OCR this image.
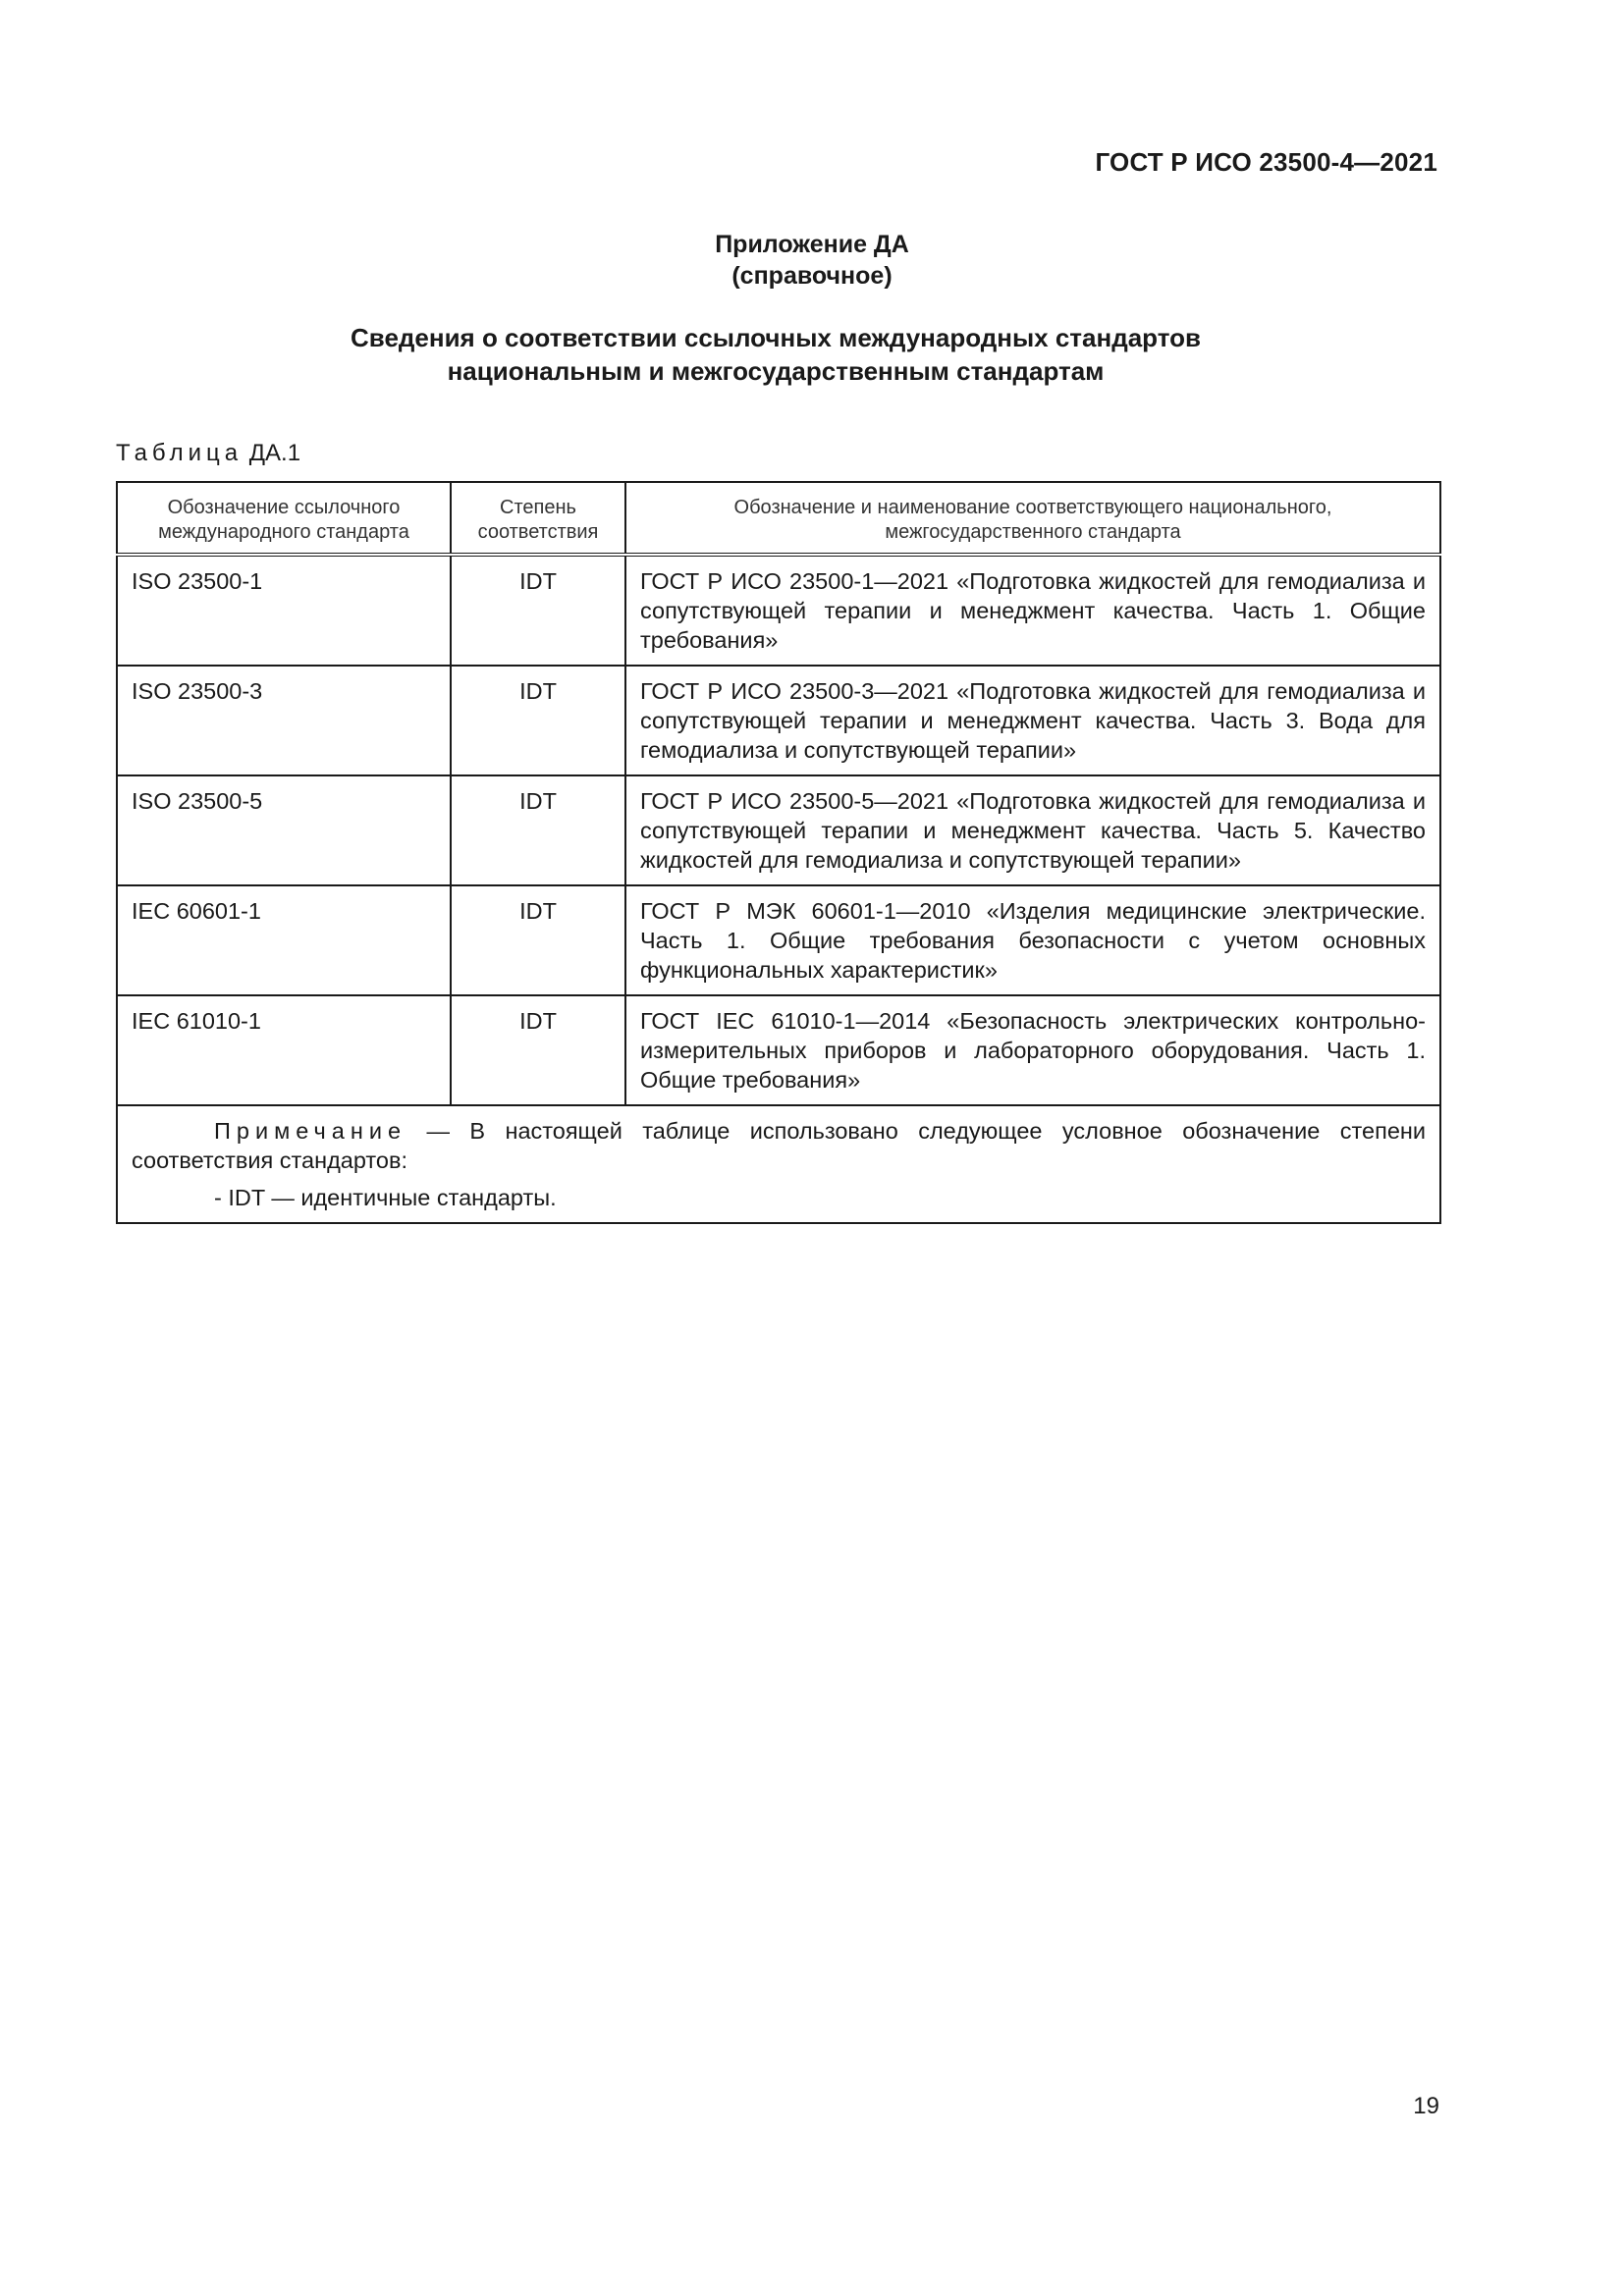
ГОСТ Р ИСО 23500-4—2021
Приложение ДА
(справочное)
Сведения о соответствии ссылочных международных стандартов
национальным и межгосударственным стандартам
Таблица ДА.1
Обозначение ссылочного международного стандарта	Степень соответствия	Обозначение и наименование соответствующего национального, межгосударственного стандарта
ISO 23500-1	IDT	ГОСТ Р ИСО 23500-1—2021 «Подготовка жидкостей для гемодиализа и сопутствующей терапии и менеджмент качества. Часть 1. Общие требования»
ISO 23500-3	IDT	ГОСТ Р ИСО 23500-3—2021 «Подготовка жидкостей для гемодиализа и сопутствующей терапии и менеджмент качества. Часть 3. Вода для гемодиализа и сопутствующей терапии»
ISO 23500-5	IDT	ГОСТ Р ИСО 23500-5—2021 «Подготовка жидкостей для гемодиализа и сопутствующей терапии и менеджмент качества. Часть 5. Качество жидкостей для гемодиализа и сопутствующей терапии»
IEC 60601-1	IDT	ГОСТ Р МЭК 60601-1—2010 «Изделия медицинские электрические. Часть 1. Общие требования безопасности с учетом основных функциональных характеристик»
IEC 61010-1	IDT	ГОСТ IEC 61010-1—2014 «Безопасность электрических контрольно-измерительных приборов и лабораторного оборудования. Часть 1. Общие требования»

Примечание — В настоящей таблице использовано следующее условное обозначение степени соответствия стандартов:
- IDT — идентичные стандарты.		
19
